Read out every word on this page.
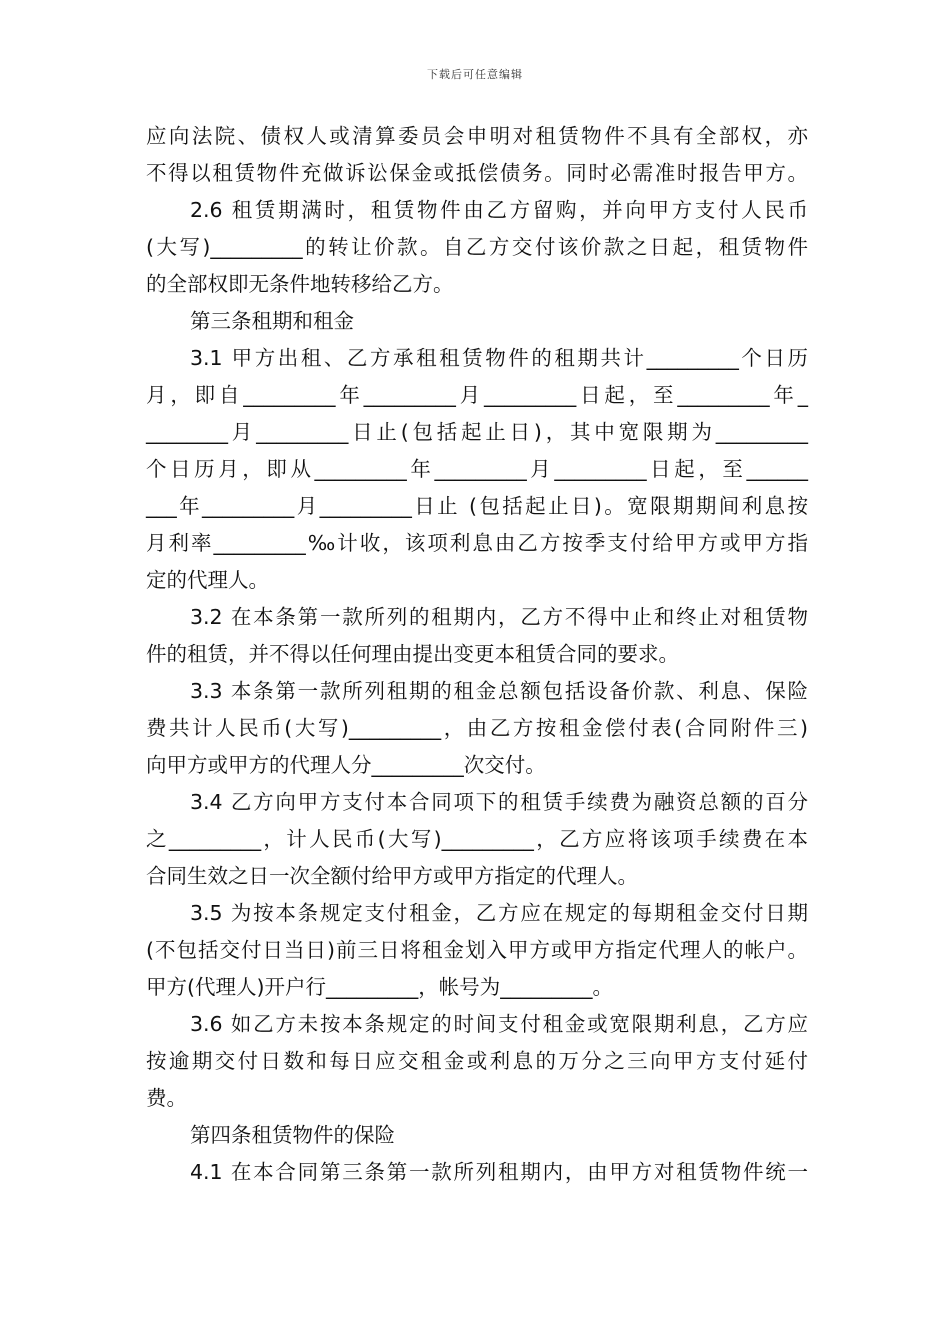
下载后可任意编辑
应向法院、债权人或清算委员会申明对租赁物件不具有全部权，亦
不得以租赁物件充做诉讼保金或抵偿债务。同时必需准时报告甲方。
2.6 租赁期满时，租赁物件由乙方留购，并向甲方支付人民币
(大写)_________的转让价款。自乙方交付该价款之日起，租赁物件
的全部权即无条件地转移给乙方。
第三条租期和租金
3.1 甲方出租、乙方承租租赁物件的租期共计_________个日历
月，即自_________年_________月_________日起，至_________年_
________月_________日止(包括起止日)，其中宽限期为_________
个日历月，即从_________年_________月_________日起，至______
___年_________月_________日止 (包括起止日)。宽限期期间利息按
月利率_________‰计收，该项利息由乙方按季支付给甲方或甲方指
定的代理人。
3.2 在本条第一款所列的租期内，乙方不得中止和终止对租赁物
件的租赁，并不得以任何理由提出变更本租赁合同的要求。
3.3 本条第一款所列租期的租金总额包括设备价款、利息、保险
费共计人民币(大写)_________，由乙方按租金偿付表(合同附件三)
向甲方或甲方的代理人分_________次交付。
3.4 乙方向甲方支付本合同项下的租赁手续费为融资总额的百分
之_________，计人民币(大写)_________，乙方应将该项手续费在本
合同生效之日一次全额付给甲方或甲方指定的代理人。
3.5 为按本条规定支付租金，乙方应在规定的每期租金交付日期
(不包括交付日当日)前三日将租金划入甲方或甲方指定代理人的帐户。
甲方(代理人)开户行_________，帐号为_________。
3.6 如乙方未按本条规定的时间支付租金或宽限期利息，乙方应
按逾期交付日数和每日应交租金或利息的万分之三向甲方支付延付
费。
第四条租赁物件的保险
4.1 在本合同第三条第一款所列租期内，由甲方对租赁物件统一
